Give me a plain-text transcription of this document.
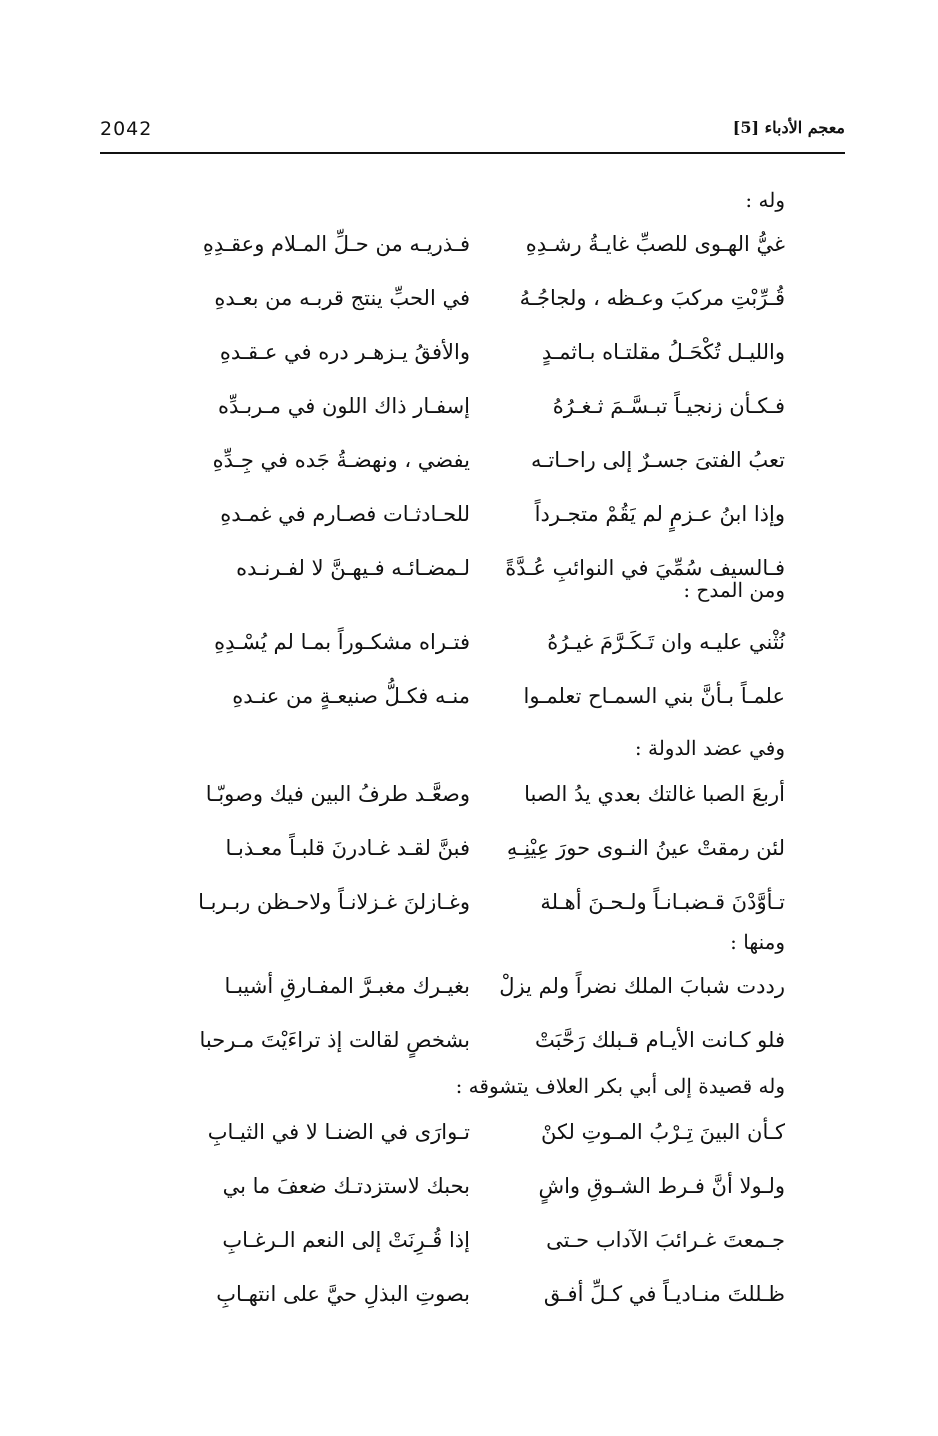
2042	معجم الأدباء [5]
وله :
غيُّ الهـوى للصبِّ غايـةُ رشـدِهِ
فـذريـه من حـلِّ المـلام وعقـدِهِ
قُـرِّبْتِ مركبَ وعـظه ، ولجاجُـهُ
في الحبِّ ينتج قربـه من بعـدهِ
والليـل تُكْحَـلُ مقلتـاه بـاثمـدٍ
والأفقُ يـزهـر دره في عـقـدهِ
فـكـأن زنجيـاً تبـسَّـمَ ثـغـرُهُ
إسفـار ذاك اللون في مـربـدِّه
تعبُ الفتىَ جسـرٌ إلى راحـاتـه
يفضي ، ونهضـةُ جَده في جِـدِّهِ
وإذا ابنُ عـزمٍ لم يَقُمْ متجـرداً
للحـادثـات فصـارم في غمـدهِ
فـالسيف سُمِّيَ في النوائبِ عُـدَّةً
لـمضـائـه فـيهـنَّ لا لفـرنـده
ومن المدح :
نُثْني عليـه وان تَـكَـرَّمَ غيـرُهُ
فتـراه مشكـوراً بمـا لم يُسْـدِهِ
علمـاً بـأنَّ بني السمـاح تعلمـوا
منـه فكـلُّ صنيعـةٍ من عنـدهِ
وفي عضد الدولة :
أربعَ الصبا غالتك بعدي يدُ الصبا
وصعَّـد طرفُ البين فيك وصوبّـا
لئن رمقتْ عينُ النـوى حورَ عِيْنِـهِ
فبنَّ لقـد غـادرنَ قلبـاً معـذبـا
تـأوَّدْنَ قـضبـانـاً ولـحـنَ أهـلة
وغـازلنَ غـزلانـاً ولاحـظن ربـربـا
ومنها :
رددت شبابَ الملك نضراً ولم يزلْ
بغيـرك مغبـرَّ المفـارقِ أشيبـا
فلو كـانت الأيـام قـبلك رَحَّبَتْ
بشخصٍ لقالت إذ تراءَيْتَ مـرحبا
وله قصيدة إلى أبي بكر العلاف يتشوقه :
كـأن البينَ تِـرْبُ المـوتِ لكنْ
تـوارَى في الضنـا لا في الثيـابِ
ولـولا أنَّ فـرط الشـوقِ واشٍ
بحبك لاستزدتـك ضعفَ ما بي
جـمعتَ غـرائبَ الآداب حـتى
إذا قُـرِنَتْ إلى النعم الـرغـابِ
ظـللتَ منـاديـاً في كـلِّ أفـق
بصوتِ البذلِ حيَّ على انتهـابِ
